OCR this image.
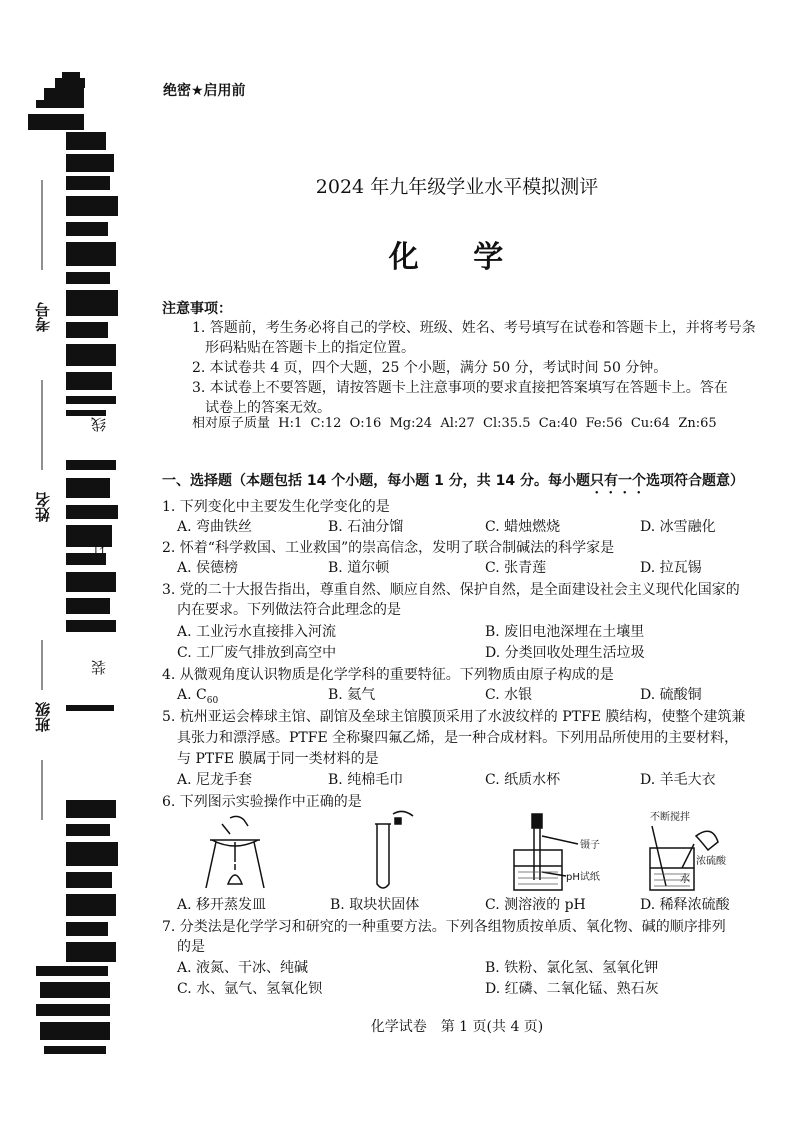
考号
姓名
班级
线
订
装
绝密★启用前
2024 年九年级学业水平模拟测评
化 学
注意事项：
1. 答题前，考生务必将自己的学校、班级、姓名、考号填写在试卷和答题卡上，并将考号条
形码粘贴在答题卡上的指定位置。
2. 本试卷共 4 页，四个大题，25 个小题，满分 50 分，考试时间 50 分钟。
3. 本试卷上不要答题，请按答题卡上注意事项的要求直接把答案填写在答题卡上。答在
试卷上的答案无效。
相对原子质量  H:1  C:12  O:16  Mg:24  Al:27  Cl:35.5  Ca:40  Fe:56  Cu:64  Zn:65
一、选择题（本题包括 14 个小题，每小题 1 分，共 14 分。每小题只有一个选项符合题意）
1. 下列变化中主要发生化学变化的是
A. 弯曲铁丝	B. 石油分馏	C. 蜡烛燃烧	D. 冰雪融化
2. 怀着“科学救国、工业救国”的崇高信念，发明了联合制碱法的科学家是
A. 侯德榜	B. 道尔顿	C. 张青莲	D. 拉瓦锡
3. 党的二十大报告指出，尊重自然、顺应自然、保护自然，是全面建设社会主义现代化国家的
内在要求。下列做法符合此理念的是
A. 工业污水直接排入河流	B. 废旧电池深埋在土壤里
C. 工厂废气排放到高空中	D. 分类回收处理生活垃圾
4. 从微观角度认识物质是化学学科的重要特征。下列物质由原子构成的是
A. $C_{60}$	B. 氦气	C. 水银	D. 硫酸铜
5. 杭州亚运会棒球主馆、副馆及垒球主馆膜顶采用了水波纹样的 PTFE 膜结构，使整个建筑兼
具张力和漂浮感。PTFE 全称聚四氟乙烯，是一种合成材料。下列用品所使用的主要材料，
与 PTFE 膜属于同一类材料的是
A. 尼龙手套	B. 纯棉毛巾	C. 纸质水杯	D. 羊毛大衣
6. 下列图示实验操作中正确的是
镊子
pH试纸
不断搅拌
浓硫酸
水
A. 移开蒸发皿	B. 取块状固体	C. 测溶液的 pH	D. 稀释浓硫酸
7. 分类法是化学学习和研究的一种重要方法。下列各组物质按单质、氧化物、碱的顺序排列
的是
A. 液氮、干冰、纯碱	B. 铁粉、氯化氢、氢氧化钾
C. 水、氩气、氢氧化钡	D. 红磷、二氧化锰、熟石灰
化学试卷　第 1 页(共 4 页)
